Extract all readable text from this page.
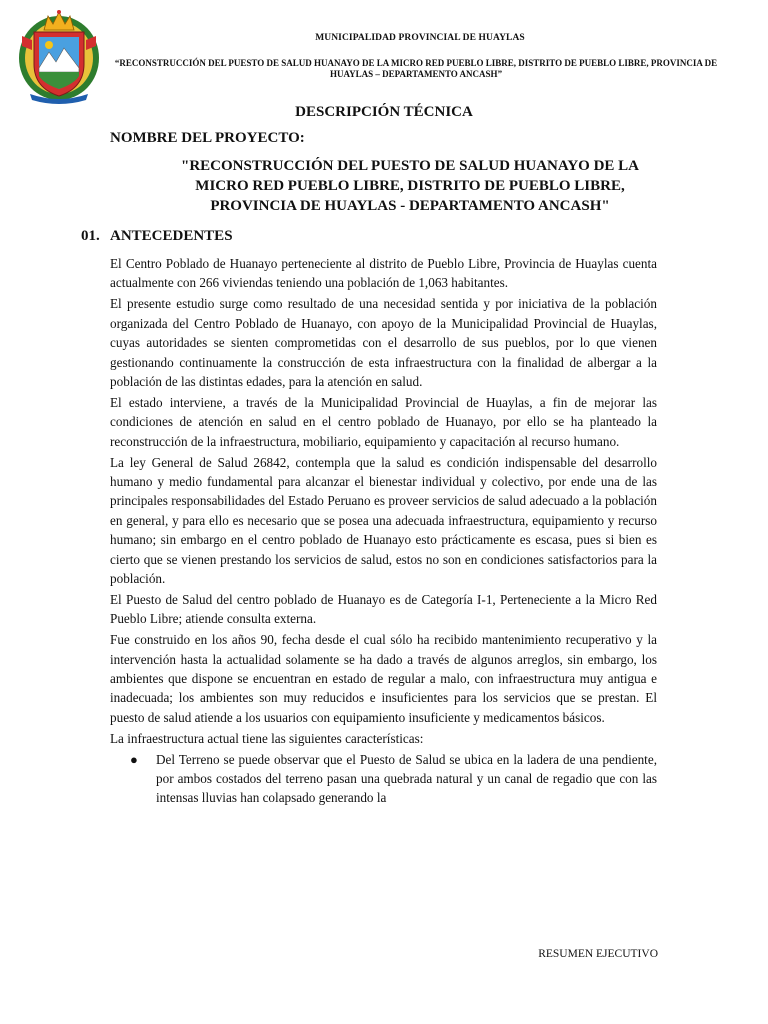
MUNICIPALIDAD PROVINCIAL DE HUAYLAS
“RECONSTRUCCIÓN DEL PUESTO DE SALUD HUANAYO DE LA MICRO RED PUEBLO LIBRE, DISTRITO DE PUEBLO LIBRE, PROVINCIA DE HUAYLAS – DEPARTAMENTO ANCASH”
DESCRIPCIÓN TÉCNICA
NOMBRE DEL PROYECTO:
"RECONSTRUCCIÓN DEL PUESTO DE SALUD HUANAYO DE LA MICRO RED PUEBLO LIBRE, DISTRITO DE PUEBLO LIBRE, PROVINCIA DE HUAYLAS - DEPARTAMENTO ANCASH"
01. ANTECEDENTES

El Centro Poblado de Huanayo perteneciente al distrito de Pueblo Libre, Provincia de Huaylas cuenta actualmente con 266 viviendas teniendo una población de 1,063 habitantes.

El presente estudio surge como resultado de una necesidad sentida y por iniciativa de la población organizada del Centro Poblado de Huanayo, con apoyo de la Municipalidad Provincial de Huaylas, cuyas autoridades se sienten comprometidas con el desarrollo de sus pueblos, por lo que vienen gestionando continuamente la construcción de esta infraestructura con la finalidad de albergar a la población de las distintas edades, para la atención en salud.

El estado interviene, a través de la Municipalidad Provincial de Huaylas, a fin de mejorar las condiciones de atención en salud en el centro poblado de Huanayo, por ello se ha planteado la reconstrucción de la infraestructura, mobiliario, equipamiento y capacitación al recurso humano.

La ley General de Salud 26842, contempla que la salud es condición indispensable del desarrollo humano y medio fundamental para alcanzar el bienestar individual y colectivo, por ende una de las principales responsabilidades del Estado Peruano es proveer servicios de salud adecuado a la población en general, y para ello es necesario que se posea una adecuada infraestructura, equipamiento y recurso humano; sin embargo en el centro poblado de Huanayo esto prácticamente es escasa, pues si bien es cierto que se vienen prestando los servicios de salud, estos no son en condiciones satisfactorios para la población.

El Puesto de Salud del centro poblado de Huanayo es de Categoría I-1, Perteneciente a la Micro Red Pueblo Libre; atiende consulta externa.

Fue construido en los años 90, fecha desde el cual sólo ha recibido mantenimiento recuperativo y la intervención hasta la actualidad solamente se ha dado a través de algunos arreglos, sin embargo, los ambientes que dispone se encuentran en estado de regular a malo, con infraestructura muy antigua e inadecuada; los ambientes son muy reducidos e insuficientes para los servicios que se prestan. El puesto de salud atiende a los usuarios con equipamiento insuficiente y medicamentos básicos.

La infraestructura actual tiene las siguientes características:

● Del Terreno se puede observar que el Puesto de Salud se ubica en la ladera de una pendiente, por ambos costados del terreno pasan una quebrada natural y un canal de regadio que con las intensas lluvias han colapsado generando la
RESUMEN EJECUTIVO
